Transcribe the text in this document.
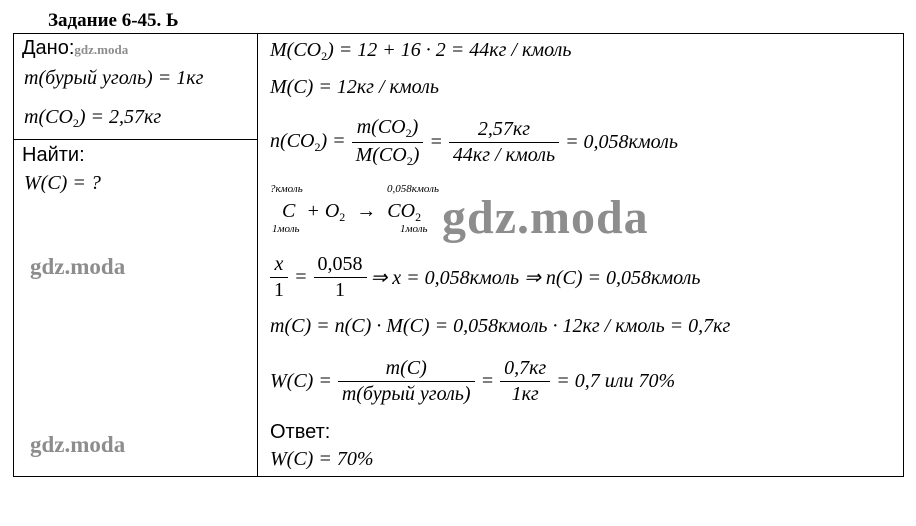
Задание 6-45. Ь
Дано:gdz.moda
m(бурый уголь) = 1кг
$m(CO_2) = 2,57кг$
Найти:
W(C) = ?
gdz.moda
gdz.moda
$M(CO_2) = 12 + 16 \cdot 2 = 44кг$ / кмоль
M(C) = 12кг / кмоль
$n(CO_2) = \frac{m(CO_2)}{M(CO_2)} = \frac{2,57кг}{\text{44кг / кмоль}}$ = 0,058кмоль
?кмоль	0,058кмоль
$C + O_2 \to CO_2$
1моль	1моль gdz.moda
$\frac{x}{1} = \frac{0,058}{1}$ ⇒ x = 0,058кмоль ⇒ n(C) = 0,058кмоль
m(C) = n(C) · M(C) = 0,058кмоль · 12кг / кмоль = 0,7кг
$W(C) = \frac{m(C)}{\text{m(бурый уголь)}} = \frac{0,7кг}{1кг} = 0,7$ или 70%
Ответ:
W(C) = 70%
